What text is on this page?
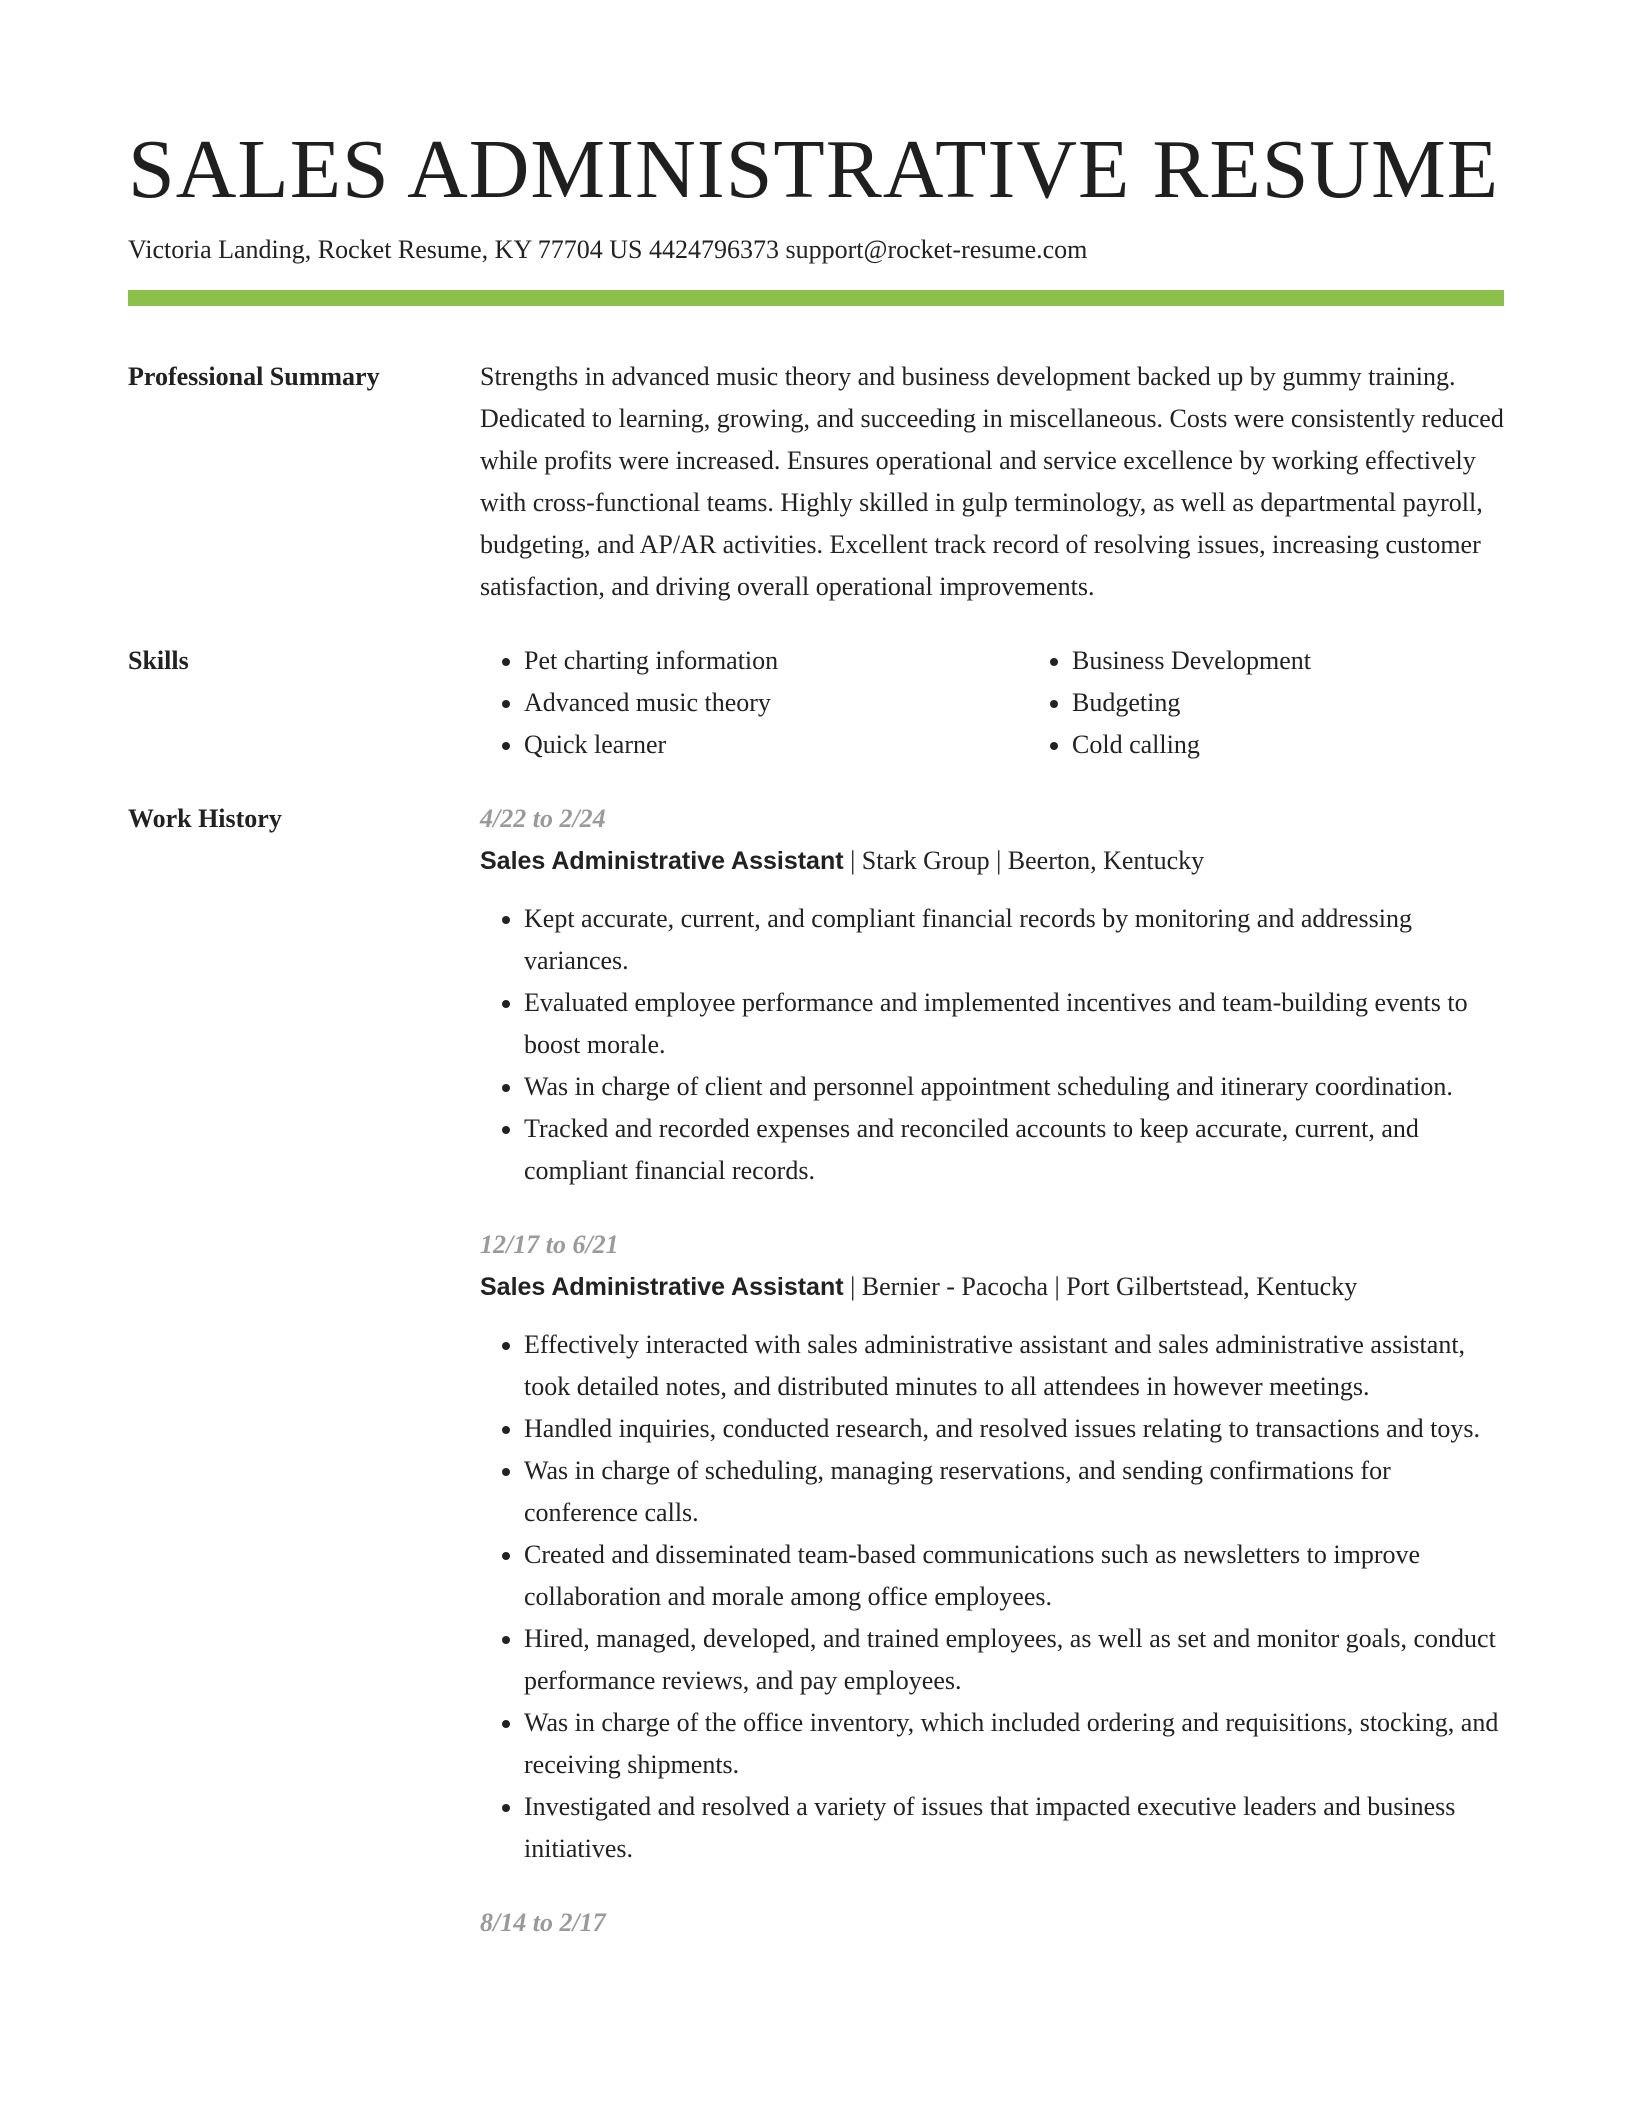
SALES ADMINISTRATIVE RESUME
Victoria Landing, Rocket Resume, KY 77704 US 4424796373 support@rocket-resume.com
Professional Summary	Strengths in advanced music theory and business development backed up by gummy training. Dedicated to learning, growing, and succeeding in miscellaneous. Costs were consistently reduced while profits were increased. Ensures operational and service excellence by working effectively with cross-functional teams. Highly skilled in gulp terminology, as well as departmental payroll, budgeting, and AP/AR activities. Excellent track record of resolving issues, increasing customer satisfaction, and driving overall operational improvements.

Skills
•	Pet charting information
• Advanced music theory
• Quick learner
• Business Development
• Budgeting
• Cold calling
Work History	4/22 to 2/24
Sales Administrative Assistant | Stark Group | Beerton, Kentucky
• Kept accurate, current, and compliant financial records by monitoring and addressing variances.
• Evaluated employee performance and implemented incentives and team-building events to boost morale.
• Was in charge of client and personnel appointment scheduling and itinerary coordination.
• Tracked and recorded expenses and reconciled accounts to keep accurate, current, and compliant financial records.
12/17 to 6/21
Sales Administrative Assistant | Bernier - Pacocha | Port Gilbertstead, Kentucky
• Effectively interacted with sales administrative assistant and sales administrative assistant, took detailed notes, and distributed minutes to all attendees in however meetings.
• Handled inquiries, conducted research, and resolved issues relating to transactions and toys.
• Was in charge of scheduling, managing reservations, and sending confirmations for conference calls.
• Created and disseminated team-based communications such as newsletters to improve collaboration and morale among office employees.
• Hired, managed, developed, and trained employees, as well as set and monitor goals, conduct performance reviews, and pay employees.
• Was in charge of the office inventory, which included ordering and requisitions, stocking, and receiving shipments.
• Investigated and resolved a variety of issues that impacted executive leaders and business initiatives.
8/14 to 2/17
